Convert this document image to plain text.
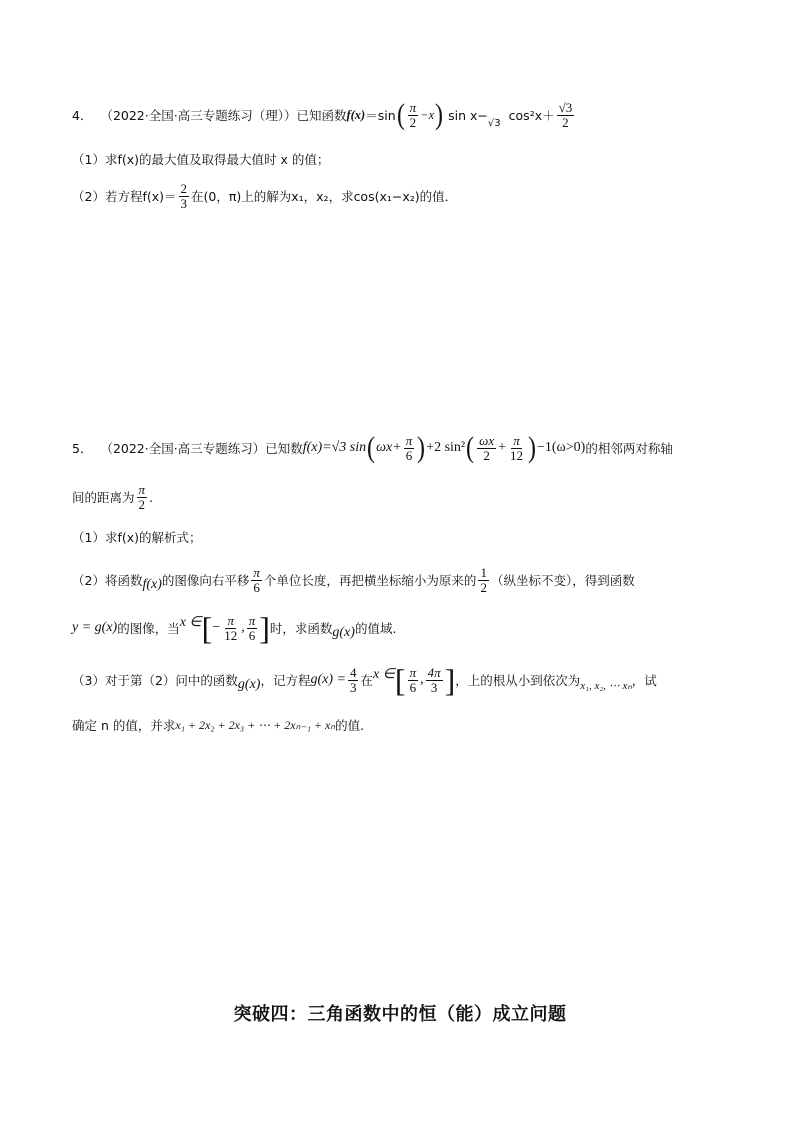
4． （2022·全国·高三专题练习（理）） 已知函数 f(x) ＝sin ( $\frac{\pi}{2} -x$ ) sin x−
√3 $\cos^2x+ \frac{√3}{2}$
（1）求f(x)的最大值及取得最大值时 x 的值；
（2）若方程$f(x)= \frac{2}{3}$ 在(0，π)上的解为x₁，x₂，求cos(x₁−x₂)的值．
5． （2022·全国·高三专题练习） 已知数 f(x)=√3 sin ( $\omega x+ \frac{\pi}{6}$ ) +2 sin² ( $\frac{\omega x}{2} + \frac{\pi}{12}$ ) −1(ω>0) 的相邻两对称轴
间的距离为 $\frac{\pi}{2}$ .
（1）求f(x)的解析式；
（2）将函数 f(x) 的图像向右平移 $\frac{\pi}{6}$ 个单位长度，再把横坐标缩小为原来的 $\frac{1}{2}$ （纵坐标不变），得到函数
y = g(x) 的图像，当 x ∈ [ − $\frac{\pi}{12}$ , $\frac{\pi}{6}$ ] 时，求函数 g(x) 的值域.
（3）对于第（2）问中的函数 g(x) ，记方程 $g(x) = \frac{4}{3}$ 在 x ∈ [ $\frac{\pi}{6}$ , $\frac{4\pi}{3}$ ] ，上的根从小到依次为 x₁, x₂, ⋯ xₙ ，试
确定 n 的值，并求 x₁ + 2x₂ + 2x₃ + ⋯ + 2xₙ₋₁ + xₙ 的值.
突破四：三角函数中的恒（能）成立问题
